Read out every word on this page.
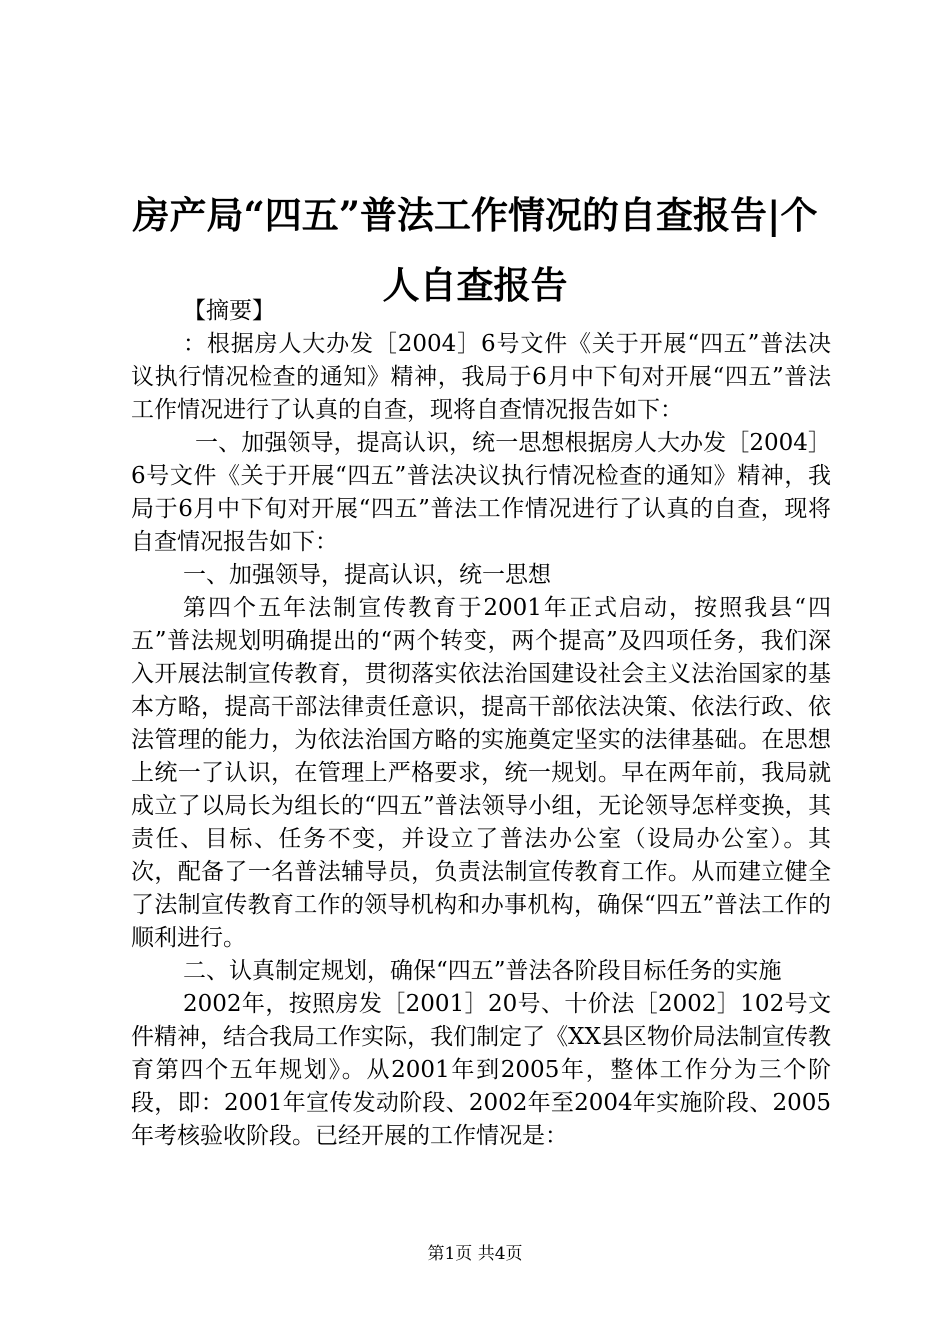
房产局“四五”普法工作情况的自查报告|个人自查报告

【摘要】

：根据房人大办发［2004］6号文件《关于开展“四五”普法决议执行情况检查的通知》精神，我局于6月中下旬对开展“四五”普法工作情况进行了认真的自查，现将自查情况报告如下：

一、加强领导，提高认识，统一思想根据房人大办发［2004］6号文件《关于开展“四五”普法决议执行情况检查的通知》精神，我局于6月中下旬对开展“四五”普法工作情况进行了认真的自查，现将自查情况报告如下：

一、加强领导，提高认识，统一思想

第四个五年法制宣传教育于2001年正式启动，按照我县“四五”普法规划明确提出的“两个转变，两个提高”及四项任务，我们深入开展法制宣传教育，贯彻落实依法治国建设社会主义法治国家的基本方略，提高干部法律责任意识，提高干部依法决策、依法行政、依法管理的能力，为依法治国方略的实施奠定坚实的法律基础。在思想上统一了认识，在管理上严格要求，统一规划。早在两年前，我局就成立了以局长为组长的“四五”普法领导小组，无论领导怎样变换，其责任、目标、任务不变，并设立了普法办公室（设局办公室）。其次，配备了一名普法辅导员，负责法制宣传教育工作。从而建立健全了法制宣传教育工作的领导机构和办事机构，确保“四五”普法工作的顺利进行。

二、认真制定规划，确保“四五”普法各阶段目标任务的实施

2002年，按照房发［2001］20号、十价法［2002］102号文件精神，结合我局工作实际，我们制定了《XX县区物价局法制宣传教育第四个五年规划》。从2001年到2005年，整体工作分为三个阶段，即：2001年宣传发动阶段、2002年至2004年实施阶段、2005年考核验收阶段。已经开展的工作情况是：

第1页 共4页
